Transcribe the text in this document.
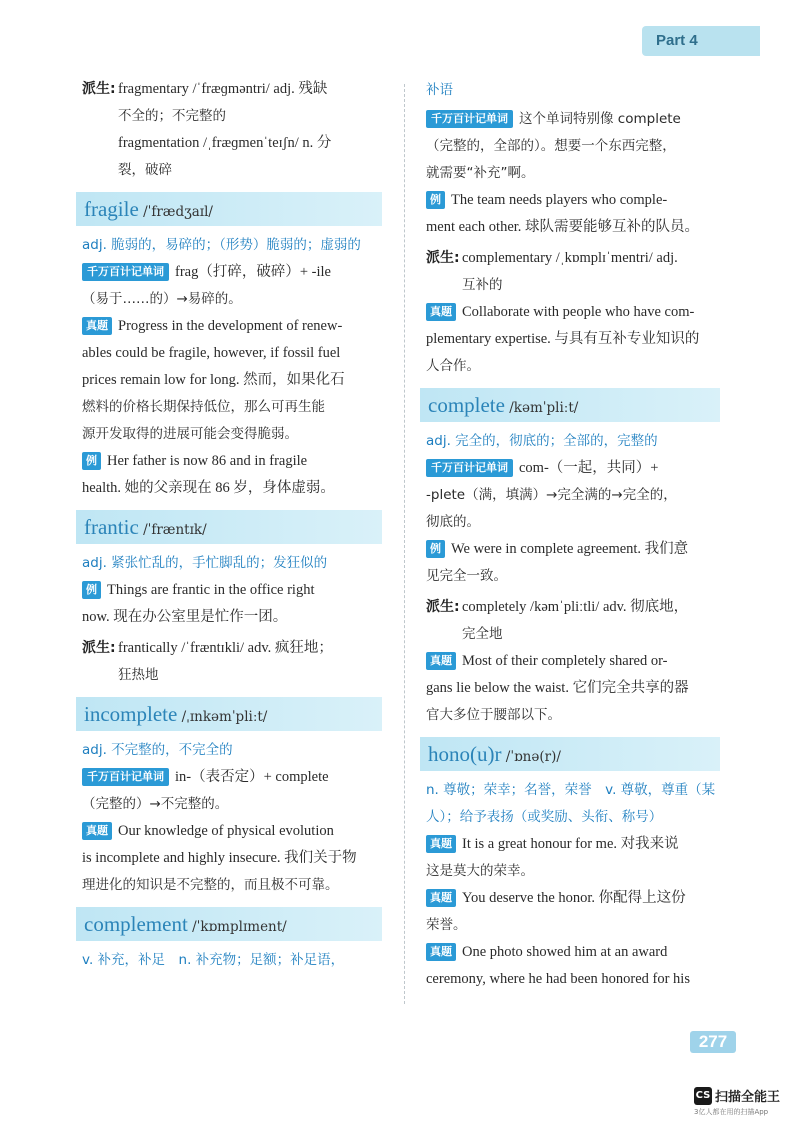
Part 4
派生: fragmentary /ˈfræɡməntri/ adj. 残缺
不全的；不完整的
fragmentation /ˌfræɡmenˈteɪʃn/ n. 分
裂，破碎
fragile /ˈfrædʒaɪl/
adj. 脆弱的，易碎的；（形势）脆弱的；虚弱的
千万百计记单词 frag（打碎，破碎）+ -ile
（易于……的）→易碎的。
真题 Progress in the development of renew-
ables could be fragile, however, if fossil fuel
prices remain low for long. 然而，如果化石
燃料的价格长期保持低位，那么可再生能
源开发取得的进展可能会变得脆弱。
例 Her father is now 86 and in fragile
health. 她的父亲现在 86 岁，身体虚弱。
frantic /ˈfræntɪk/
adj. 紧张忙乱的，手忙脚乱的；发狂似的
例 Things are frantic in the office right
now. 现在办公室里是忙作一团。
派生: frantically /ˈfræntɪkli/ adv. 疯狂地；
狂热地
incomplete /ˌɪnkəmˈpliːt/
adj. 不完整的，不完全的
千万百计记单词 in-（表否定）+ complete
（完整的）→不完整的。
真题 Our knowledge of physical evolution
is incomplete and highly insecure. 我们关于物
理进化的知识是不完整的，而且极不可靠。
complement /ˈkɒmplɪment/
v. 补充，补足　n. 补充物；足额；补足语，
补语
千万百计记单词 这个单词特别像 complete
（完整的，全部的）。想要一个东西完整，
就需要“补充”啊。
例 The team needs players who comple-
ment each other. 球队需要能够互补的队员。
派生: complementary /ˌkɒmplɪˈmentri/ adj.
互补的
真题 Collaborate with people who have com-
plementary expertise. 与具有互补专业知识的
人合作。
complete /kəmˈpliːt/
adj. 完全的，彻底的；全部的，完整的
千万百计记单词 com-（一起，共同）+
-plete（满，填满）→完全满的→完全的，
彻底的。
例 We were in complete agreement. 我们意
见完全一致。
派生: completely /kəmˈpliːtli/ adv. 彻底地，
完全地
真题 Most of their completely shared or-
gans lie below the waist. 它们完全共享的器
官大多位于腰部以下。
hono(u)r /ˈɒnə(r)/
n. 尊敬；荣幸；名誉，荣誉　v. 尊敬，尊重（某人）；给予表扬（或奖励、头衔、称号）
真题 It is a great honour for me. 对我来说
这是莫大的荣幸。
真题 You deserve the honor. 你配得上这份
荣誉。
真题 One photo showed him at an award
ceremony, where he had been honored for his
277
CS 扫描全能王
3亿人都在用的扫描App
